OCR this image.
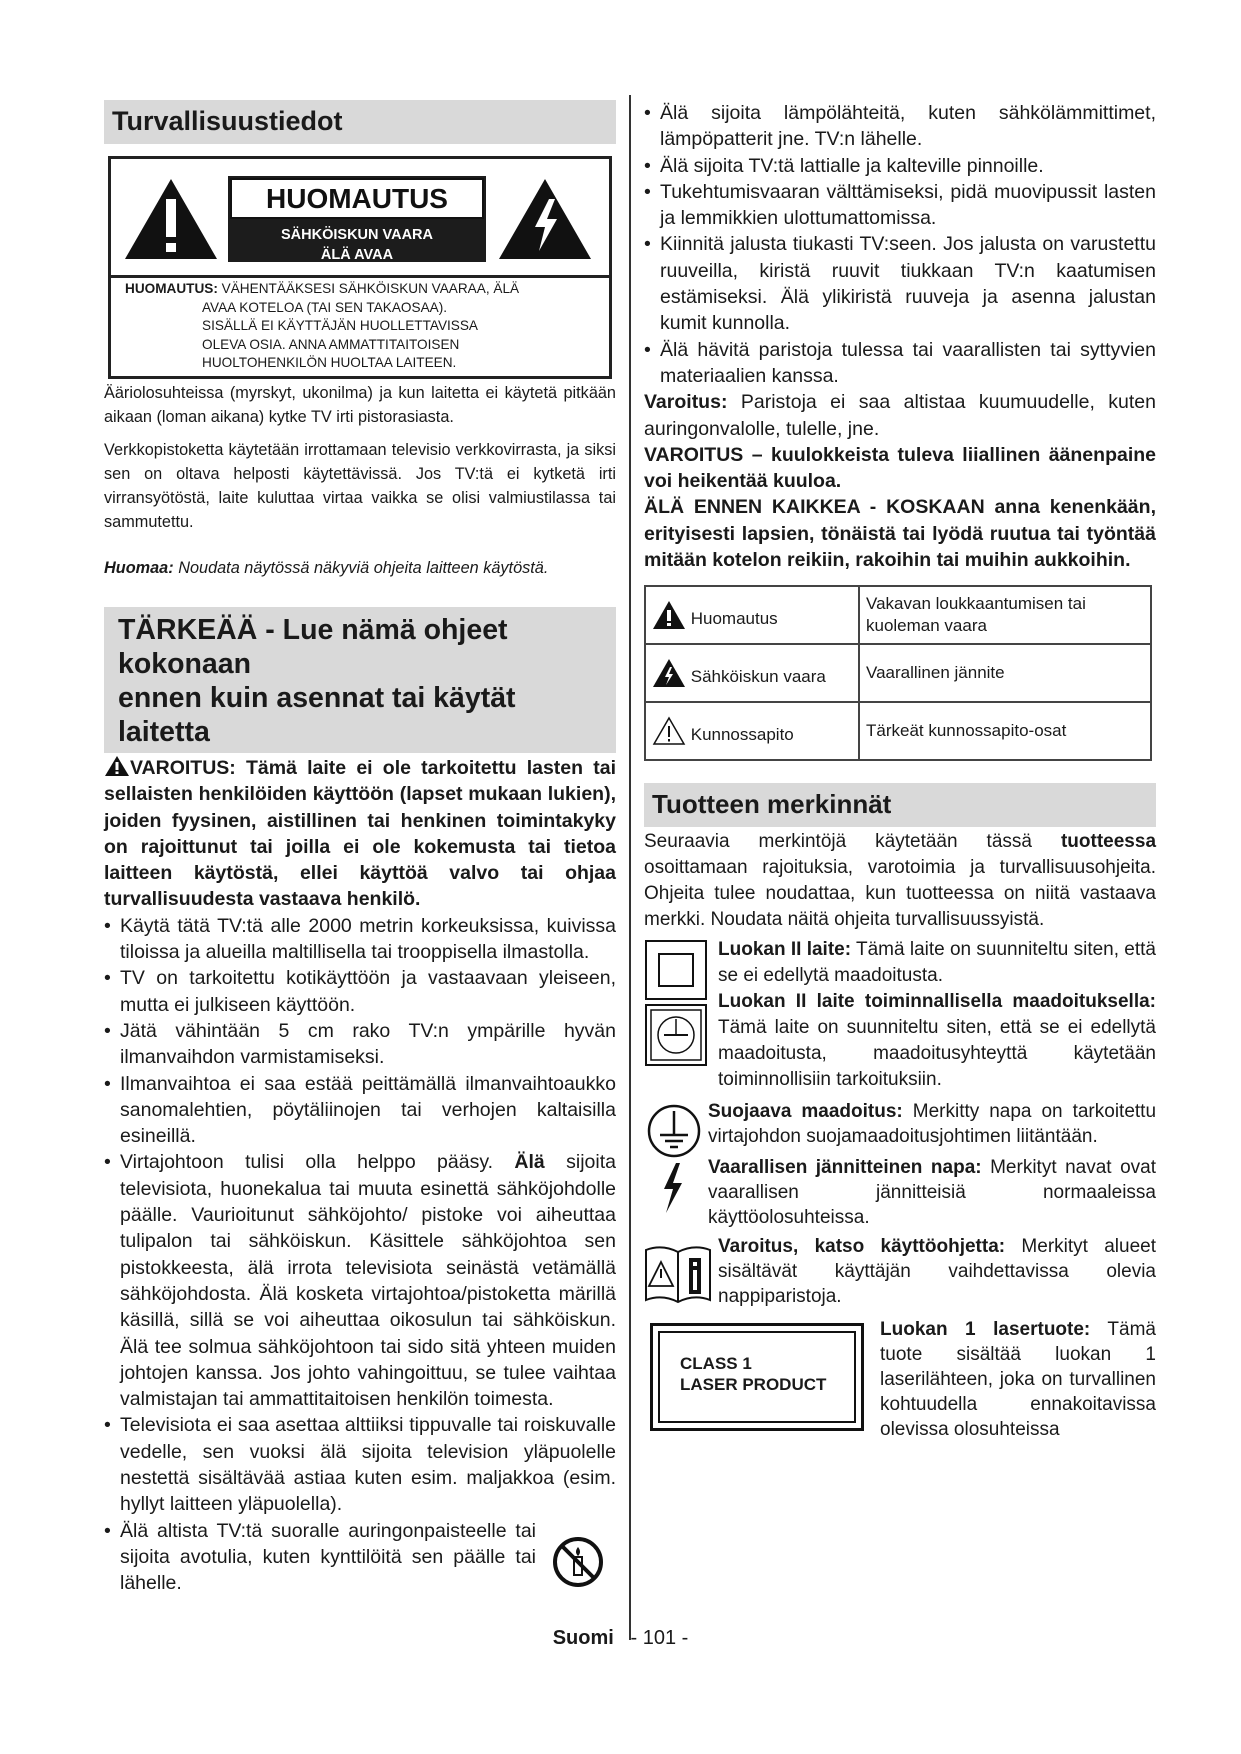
Turvallisuustiedot
HUOMAUTUS
SÄHKÖISKUN VAARA
ÄLÄ AVAA
HUOMAUTUS: VÄHENTÄÄKSESI SÄHKÖISKUN VAARAA, ÄLÄ
AVAA KOTELOA (TAI SEN TAKAOSAA).
SISÄLLÄ EI KÄYTTÄJÄN HUOLLETTAVISSA
OLEVA OSIA. ANNA AMMATTITAITOISEN
HUOLTOHENKILÖN HUOLTAA LAITEEN.

Ääriolosuhteissa (myrskyt, ukonilma) ja kun laitetta ei käytetä pitkään aikaan (loman aikana) kytke TV irti pistorasiasta.

Verkkopistoketta käytetään irrottamaan televisio verkkovirrasta, ja siksi sen on oltava helposti käytettävissä. Jos TV:tä ei kytketä irti virransyötöstä, laite kuluttaa virtaa vaikka se olisi valmiustilassa tai sammutettu.

Huomaa: Noudata näytössä näkyviä ohjeita laitteen käytöstä.

TÄRKEÄÄ - Lue nämä ohjeet kokonaan
ennen kuin asennat tai käytät laitetta

VAROITUS: Tämä laite ei ole tarkoitettu lasten tai sellaisten henkilöiden käyttöön (lapset mukaan lukien), joiden fyysinen, aistillinen tai henkinen toimintakyky on rajoittunut tai joilla ei ole kokemusta tai tietoa laitteen käytöstä, ellei käyttöä valvo tai ohjaa turvallisuudesta vastaava henkilö.

• Käytä tätä TV:tä alle 2000 metrin korkeuksissa, kuivissa tiloissa ja alueilla maltillisella tai trooppisella ilmastolla.
• TV on tarkoitettu kotikäyttöön ja vastaavaan yleiseen, mutta ei julkiseen käyttöön.
• Jätä vähintään 5 cm rako TV:n ympärille hyvän ilmanvaihdon varmistamiseksi.
• Ilmanvaihtoa ei saa estää peittämällä ilmanvaihtoaukko sanomalehtien, pöytäliinojen tai verhojen kaltaisilla esineillä.
• Virtajohtoon tulisi olla helppo pääsy. Älä sijoita televisiota, huonekalua tai muuta esinettä sähköjohdolle päälle. Vaurioitunut sähköjohto/ pistoke voi aiheuttaa tulipalon tai sähköiskun. Käsittele sähköjohtoa sen pistokkeesta, älä irrota televisiota seinästä vetämällä sähköjohdosta. Älä kosketa virtajohtoa/pistoketta märillä käsillä, sillä se voi aiheuttaa oikosulun tai sähköiskun. Älä tee solmua sähköjohtoon tai sido sitä yhteen muiden johtojen kanssa. Jos johto vahingoittuu, se tulee vaihtaa valmistajan tai ammattitaitoisen henkilön toimesta.
• Televisiota ei saa asettaa alttiiksi tippuvalle tai roiskuvalle vedelle, sen vuoksi älä sijoita television yläpuolelle nestettä sisältävää astiaa kuten esim. maljakkoa (esim. hyllyt laitteen yläpuolella).
• Älä altista TV:tä suoralle auringonpaisteelle tai sijoita avotulia, kuten kynttilöitä sen päälle tai lähelle.
• Älä sijoita lämpölähteitä, kuten sähkölämmittimet, lämpöpatterit jne. TV:n lähelle.
• Älä sijoita TV:tä lattialle ja kalteville pinnoille.
• Tukehtumisvaaran välttämiseksi, pidä muovipussit lasten ja lemmikkien ulottumattomissa.
• Kiinnitä jalusta tiukasti TV:seen. Jos jalusta on varustettu ruuveilla, kiristä ruuvit tiukkaan TV:n kaatumisen estämiseksi. Älä ylikiristä ruuveja ja asenna jalustan kumit kunnolla.
• Älä hävitä paristoja tulessa tai vaarallisten tai syttyvien materiaalien kanssa.

Varoitus: Paristoja ei saa altistaa kuumuudelle, kuten auringonvalolle, tulelle, jne.

VAROITUS – kuulokkeista tuleva liiallinen äänenpaine voi heikentää kuuloa.

ÄLÄ ENNEN KAIKKEA - KOSKAAN anna kenenkään, erityisesti lapsien, tönäistä tai lyödä ruutua tai työntää mitään kotelon reikiin, rakoihin tai muihin aukkoihin.

Huomautus	Vakavan loukkaantumisen tai kuoleman vaara
Sähköiskun vaara	Vaarallinen jännite
Kunnossapito	Tärkeät kunnossapito-osat
Tuotteen merkinnät

Seuraavia merkintöjä käytetään tässä tuotteessa osoittamaan rajoituksia, varotoimia ja turvallisuusohjeita. Ohjeita tulee noudattaa, kun tuotteessa on niitä vastaava merkki. Noudata näitä ohjeita turvallisuussyistä.

Luokan II laite: Tämä laite on suunniteltu siten, että se ei edellytä maadoitusta.

Luokan II laite toiminnallisella maadoituksella: Tämä laite on suunniteltu siten, että se ei edellytä maadoitusta, maadoitusyhteyttä käytetään toiminnollisiin tarkoituksiin.

Suojaava maadoitus: Merkitty napa on tarkoitettu virtajohdon suojamaadoitusjohtimen liitäntään.

Vaarallisen jännitteinen napa: Merkityt navat ovat vaarallisen jännitteisiä normaaleissa käyttöolosuhteissa.

Varoitus, katso käyttöohjetta: Merkityt alueet sisältävät käyttäjän vaihdettavissa olevia nappiparistoja.

CLASS 1
LASER PRODUCT

Luokan 1 lasertuote: Tämä tuote sisältää luokan 1 laserilähteen, joka on turvallinen kohtuudella ennakoitavissa olevissa olosuhteissa

Suomi - 101 -
